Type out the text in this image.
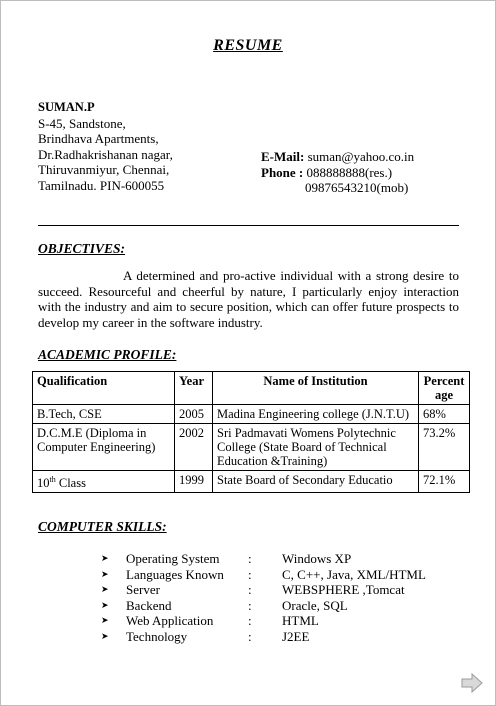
RESUME
SUMAN.P
S-45, Sandstone,
Brindhava Apartments,
Dr.Radhakrishanan nagar,
Thiruvanmiyur, Chennai,
Tamilnadu. PIN-600055
E-Mail: suman@yahoo.co.in
Phone : 088888888(res.)
09876543210(mob)
OBJECTIVES:
A determined and pro-active individual with a strong desire to succeed. Resourceful and cheerful by nature, I particularly enjoy interaction with the industry and aim to secure position, which can offer future prospects to develop my career in the software industry.
ACADEMIC PROFILE:
Qualification	Year	Name of Institution	Percent age
B.Tech, CSE	2005	Madina Engineering college (J.N.T.U)	68%
D.C.M.E (Diploma in Computer Engineering)	2002	Sri Padmavati Womens Polytechnic College (State Board of Technical Education &Training)	73.2%
10th Class	1999	State Board of Secondary Educatio	72.1%
COMPUTER SKILLS:
➤	Operating System	:	Windows XP
➤	Languages Known	:	C, C++, Java, XML/HTML
➤	Server	:	WEBSPHERE ,Tomcat
➤	Backend	:	Oracle, SQL
➤	Web Application	:	HTML
➤	Technology	:	J2EE
